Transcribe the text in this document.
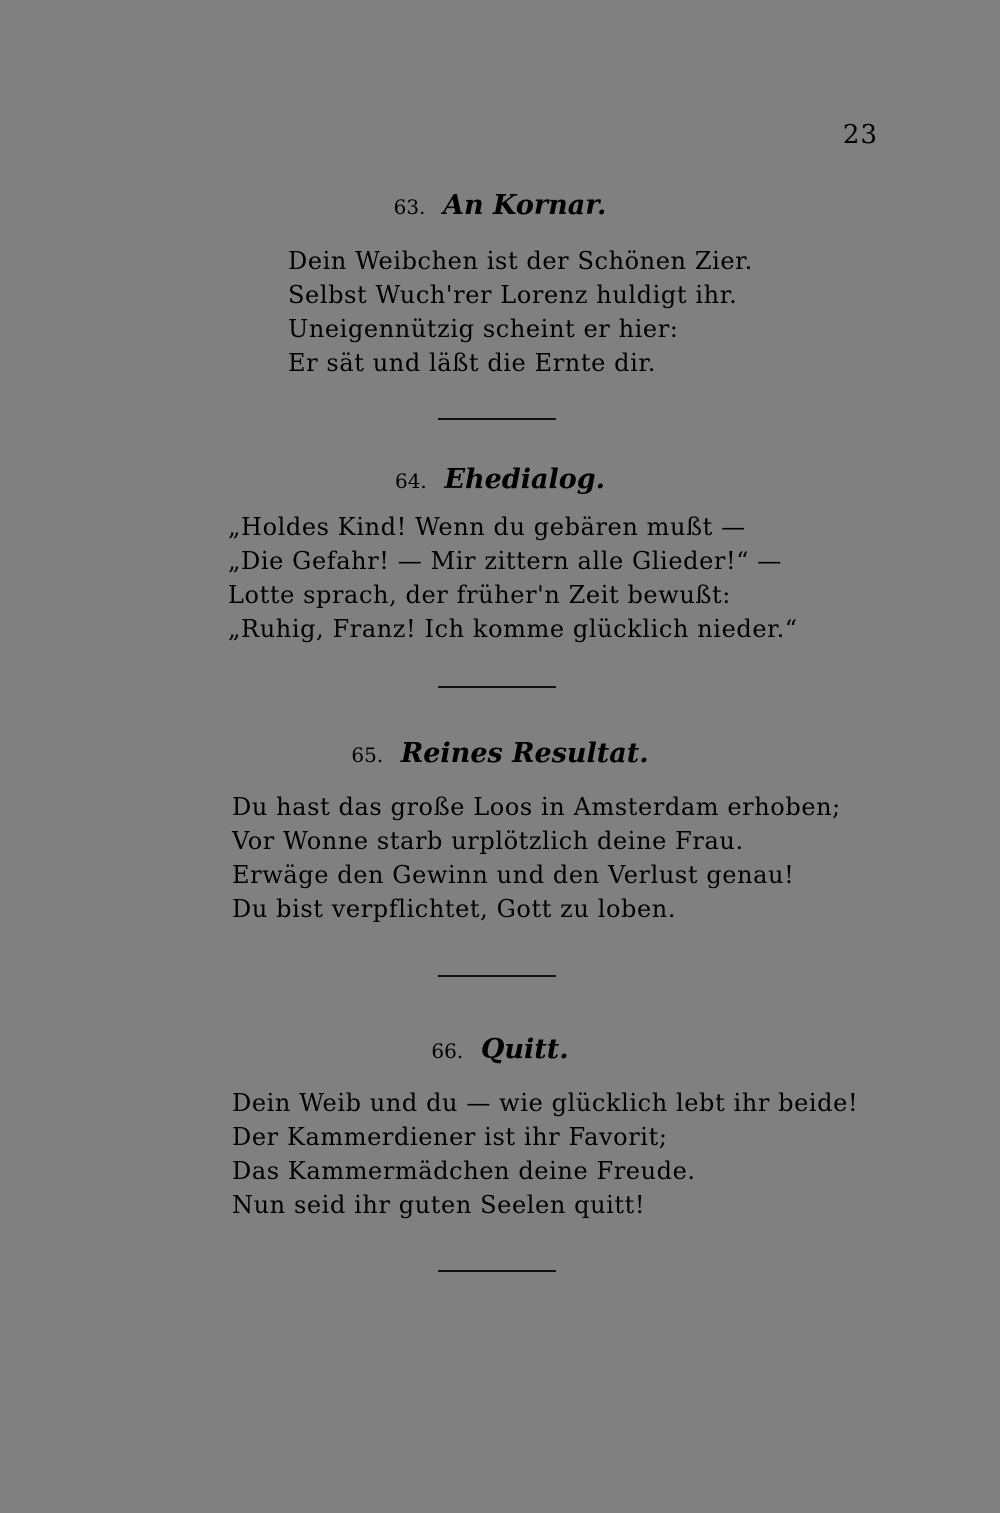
23
63. An Kornar.
Dein Weibchen ist der Schönen Zier.
Selbst Wuch'rer Lorenz huldigt ihr.
Uneigennützig scheint er hier:
Er sät und läßt die Ernte dir.
64. Ehedialog.
„Holdes Kind! Wenn du gebären mußt —
„Die Gefahr! — Mir zittern alle Glieder!“ —
Lotte sprach, der früher'n Zeit bewußt:
„Ruhig, Franz! Ich komme glücklich nieder.“
65. Reines Resultat.
Du hast das große Loos in Amsterdam erhoben;
Vor Wonne starb urplötzlich deine Frau.
Erwäge den Gewinn und den Verlust genau!
Du bist verpflichtet, Gott zu loben.
66. Quitt.
Dein Weib und du — wie glücklich lebt ihr beide!
Der Kammerdiener ist ihr Favorit;
Das Kammermädchen deine Freude.
Nun seid ihr guten Seelen quitt!
